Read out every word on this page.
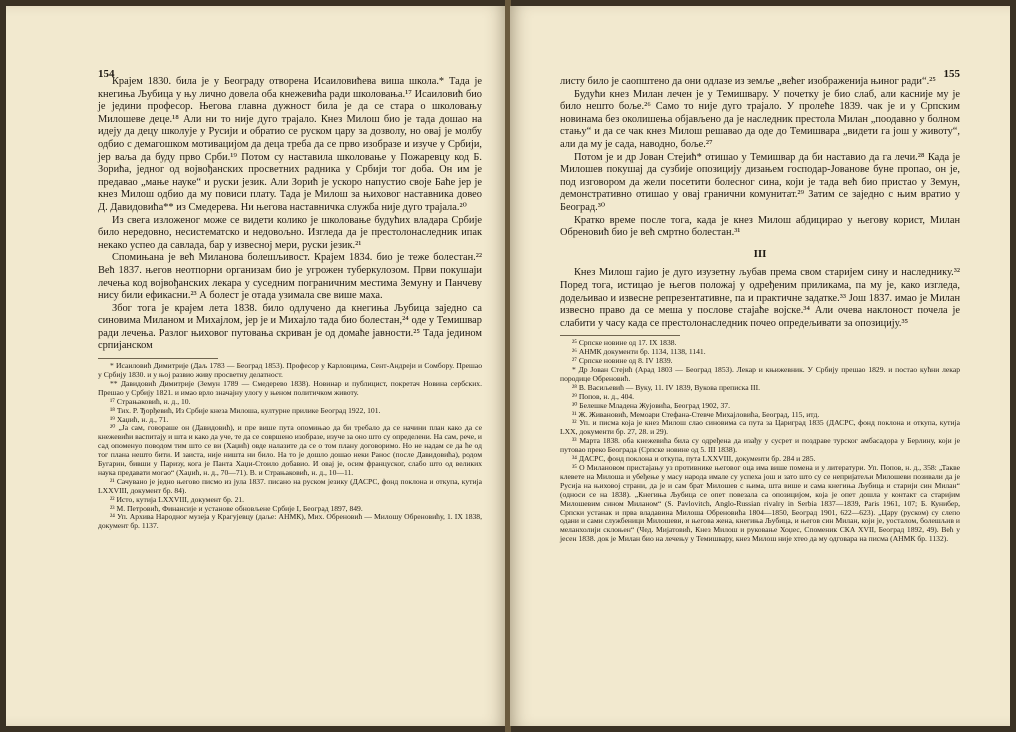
154

Крајем 1830. била је у Београду отворена Исаиловићева виша школа.* Тада је кнегиња Љубица у њу лично довела оба кнежевића ради школовања.¹⁷ Исаиловић био је једини професор. Његова главна дужност била је да се стара о школовању Милошеве деце.¹⁸ Али ни то није дуго трајало. Кнез Милош био је тада дошао на идеју да децу школује у Русији и обратио се руском цару за дозволу, но овај је молбу одбио с демагошком мотивацијом да деца треба да се прво изобразе и изуче у Србији, јер ваља да буду прво Срби.¹⁹ Потом су наставила школовање у Пожаревцу код Б. Зорића, једног од војвођанских просветних радника у Србији тог доба. Он им је предавао „мање науке“ и руски језик. Али Зорић је ускоро напустио своје Баће јер је кнез Милош одбио да му повиси плату. Тада је Милош за њиховог наставника довео Д. Давидовића** из Смедерева. Ни његова наставничка служба није дуго трајала.²⁰

Из свега изложеног може се видети колико је школовање будућих владара Србије било нередовно, несистематско и недовољно. Изгледа да је престолонаследник ипак некако успео да савлада, бар у извесној мери, руски језик.²¹

Спомињана је већ Миланова болешљивост. Крајем 1834. био је теже болестан.²² Већ 1837. његов неотпорни организам био је угрожен туберкулозом. Први покушаји лечења код војвођанских лекара у суседним пограничним местима Земуну и Панчеву нису били ефикасни.²³ А болест је отада узимала све више маха.

Због тога је крајем лета 1838. било одлучено да кнегиња Љубица заједно са синовима Миланом и Михајлом, јер је и Михајло тада био болестан,²⁴ оде у Темишвар ради лечења. Разлог њиховог путовања скриван је од домаће јавности.²⁵ Тада једином српијанском

* Исаиловић Димитрије (Даљ 1783 — Београд 1853). Професор у Карловцима, Сент-Андреји и Сомбору. Прешао у Србију 1830. и у њој развио живу просветну делатност.

** Давидовић Димитрије (Земун 1789 — Смедерево 1838). Новинар и публицист, покретач Новина сербских. Прешао у Србију 1821. и имао врло значајну улогу у њеном политичком животу.

¹⁷ Страњаковић, н. д., 10.

¹⁸ Тих. Р. Ђорђевић, Из Србије кнеза Милоша, културне прилике Београд 1922, 101.

¹⁹ Хаџић, н. д., 71.

²⁰ „Ја сам, говораше он (Давидовић), и пре више пута опомињао да би требало да се начини план како да се кнежевићи васпитају и шта и како да уче, те да се совршено изобразе, изуче за оно што су определени. На сам, рече, и сад опоменуо поводом тим што се ви (Хаџић) овде налазите да се о том плану договоримо. Но не надам се да ће од тог плана нешто бити. И заиста, није ништа ни било. На то је дошло дошао неки Ранос (после Давидовића), родом Бугарин, бивши у Паризу, кога је Панта Хаџи-Стоило добавио. И овај је, осим француског, слабо што од великих наука предавати могао“ (Хаџић, н. д., 70—71). В. и Страњаковић, н. д., 10—11.

²¹ Сачувано је једно његово писмо из јула 1837. писано на руском језику (ДАСРС, фонд поклона и откупа, кутија LXXVIII, документ бр. 84).

²² Исто, кутија LXXVIII, документ бр. 21.

²³ М. Петровић, Финансије и установе обновљене Србије I, Београд 1897, 849.

²⁴ Уп. Архива Народног музеја у Крагујевцу (даље: АНМК), Мих. Обреновић — Милошу Обреновићу, 1. IX 1838, документ бр. 1137.

155

листу било је саопштено да они одлазе из земље „већег изображенија њиног ради“.²⁵

Будући кнез Милан лечен је у Темишвару. У почетку је био слаб, али касније му је било нешто боље.²⁶ Само то није дуго трајало. У пролеће 1839. чак је и у Српским новинама без околишења објављено да је наследник престола Милан „поодавно у болном стању“ и да се чак кнез Милош решавао да оде до Темишвара „видети га још у животу“, али да му је сада, наводно, боље.²⁷

Потом је и др Јован Стејић* отишао у Темишвар да би наставио да га лечи.²⁸ Када је Милошев покушај да сузбије опозицију дизањем господар-Јованове буне пропао, он је, под изговором да жели посетити болесног сина, који је тада већ био пристао у Земун, демонстративно отишао у овај гранични комунитат.²⁹ Затим се заједно с њим вратио у Београд.³⁰

Кратко време после тога, када је кнез Милош абдицирао у његову корист, Милан Обреновић био је већ смртно болестан.³¹

III

Кнез Милош гајио је дуго изузетну љубав према свом старијем сину и наследнику.³² Поред тога, истицао је његов положај у одређеним приликама, па му је, како изгледа, додељивао и извесне репрезентативне, па и практичне задатке.³³ Још 1837. имао је Милан извесно право да се меша у послове стајаће војске.³⁴ Али очева наклоност почела је слабити у часу када се престолонаследник почео опредељивати за опозицију.³⁵

²⁵ Српске новине од 17. IX 1838.

²⁶ АНМК документи бр. 1134, 1138, 1141.

²⁷ Српске новине од 8. IV 1839.

* Др Јован Стејић (Арад 1803 — Београд 1853). Лекар и књижевник. У Србију прешао 1829. и постао кућни лекар породице Обреновић.

²⁸ В. Васиљевић — Вуку, 11. IV 1839, Вукова преписка III.

²⁹ Попов, н. д., 404.

³⁰ Белешке Младена Жујовића, Београд 1902, 37.

³¹ Ж. Живановић, Мемоари Стефана-Стевче Михајловића, Београд, 115, итд.

³² Уп. и писма која је кнез Милош слао синовима са пута за Цариград 1835 (ДАСРС, фонд поклона и откупа, кутија LXX, документи бр. 27, 28. и 29).

³³ Марта 1838. оба кнежевића била су одређена да изађу у сусрет и поздраве турског амбасадора у Берлину, који је путовао преко Београда (Српске новине од 5. III 1838).

³⁴ ДАСРС, фонд поклона и откупа, пута LXXVIII, документи бр. 284 и 285.

³⁵ О Милановом пристајању уз противнике његовог оца има више помена и у литератури. Уп. Попов, н. д., 358: „Такве клевете на Милоша и убеђење у масу народа имале су успеха још и зато што су се непријатељи Милошеви позивали да је Русија на њиховој страни, да је и сам брат Милошев с њима, шта више и сама кнегиња Љубица и старији син Милан“ (односи се на 1838). „Кнегиња Љубица се опет повезала са опозицијом, која је опет дошла у контакт са старијим Милошевим сином Миланом“ (S. Pavlovitch, Anglo-Russian rivalry in Serbia 1837—1839, Paris 1961, 107; Б. Кунибер, Српски устанак и прва владавина Милоша Обреновића 1804—1850, Београд 1901, 622—623). „Цару (руском) су слепо одани и сами службеници Милошеви, и његова жена, кнегиња Љубица, и његов син Милан, који је, уосталом, болешљив и меланхолији склоњен“ (Чед. Мијатовић, Кнез Милош и руковање Хоџес, Споменик СКА XVII, Београд 1892, 49). Већ у јесен 1838. док је Милан био на лечењу у Темишвару, кнез Милош није хтео да му одговара на писма (АНМК бр. 1132).
